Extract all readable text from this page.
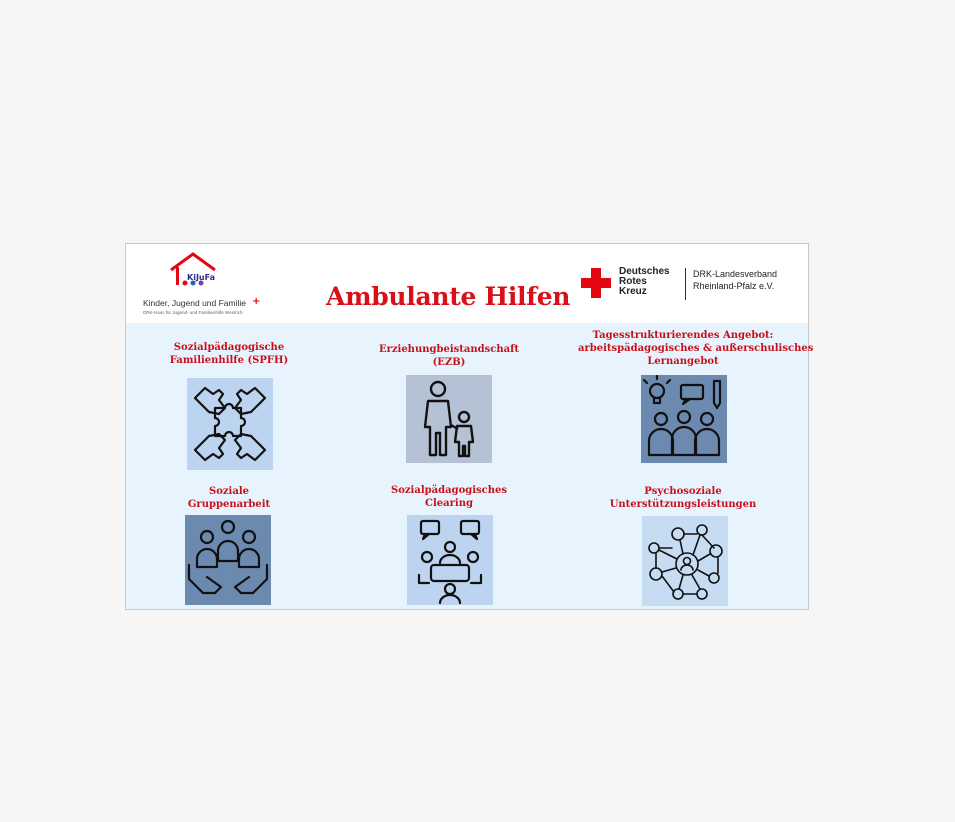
KiJuFa
Kinder, Jugend und Familie +
DRK-Haus für Jugend- und Familienhilfe Westrich
Ambulante Hilfen
Deutsches
Rotes
Kreuz
DRK-Landesverband
Rheinland-Pfalz e.V.
Sozialpädagogische
Familienhilfe (SPFH)
Erziehungbeistandschaft
(EZB)
Tagesstrukturierendes Angebot:
arbeitspädagogisches & außerschulisches
Lernangebot
Soziale
Gruppenarbeit
Sozialpädagogisches
Clearing
Psychosoziale
Unterstützungsleistungen
